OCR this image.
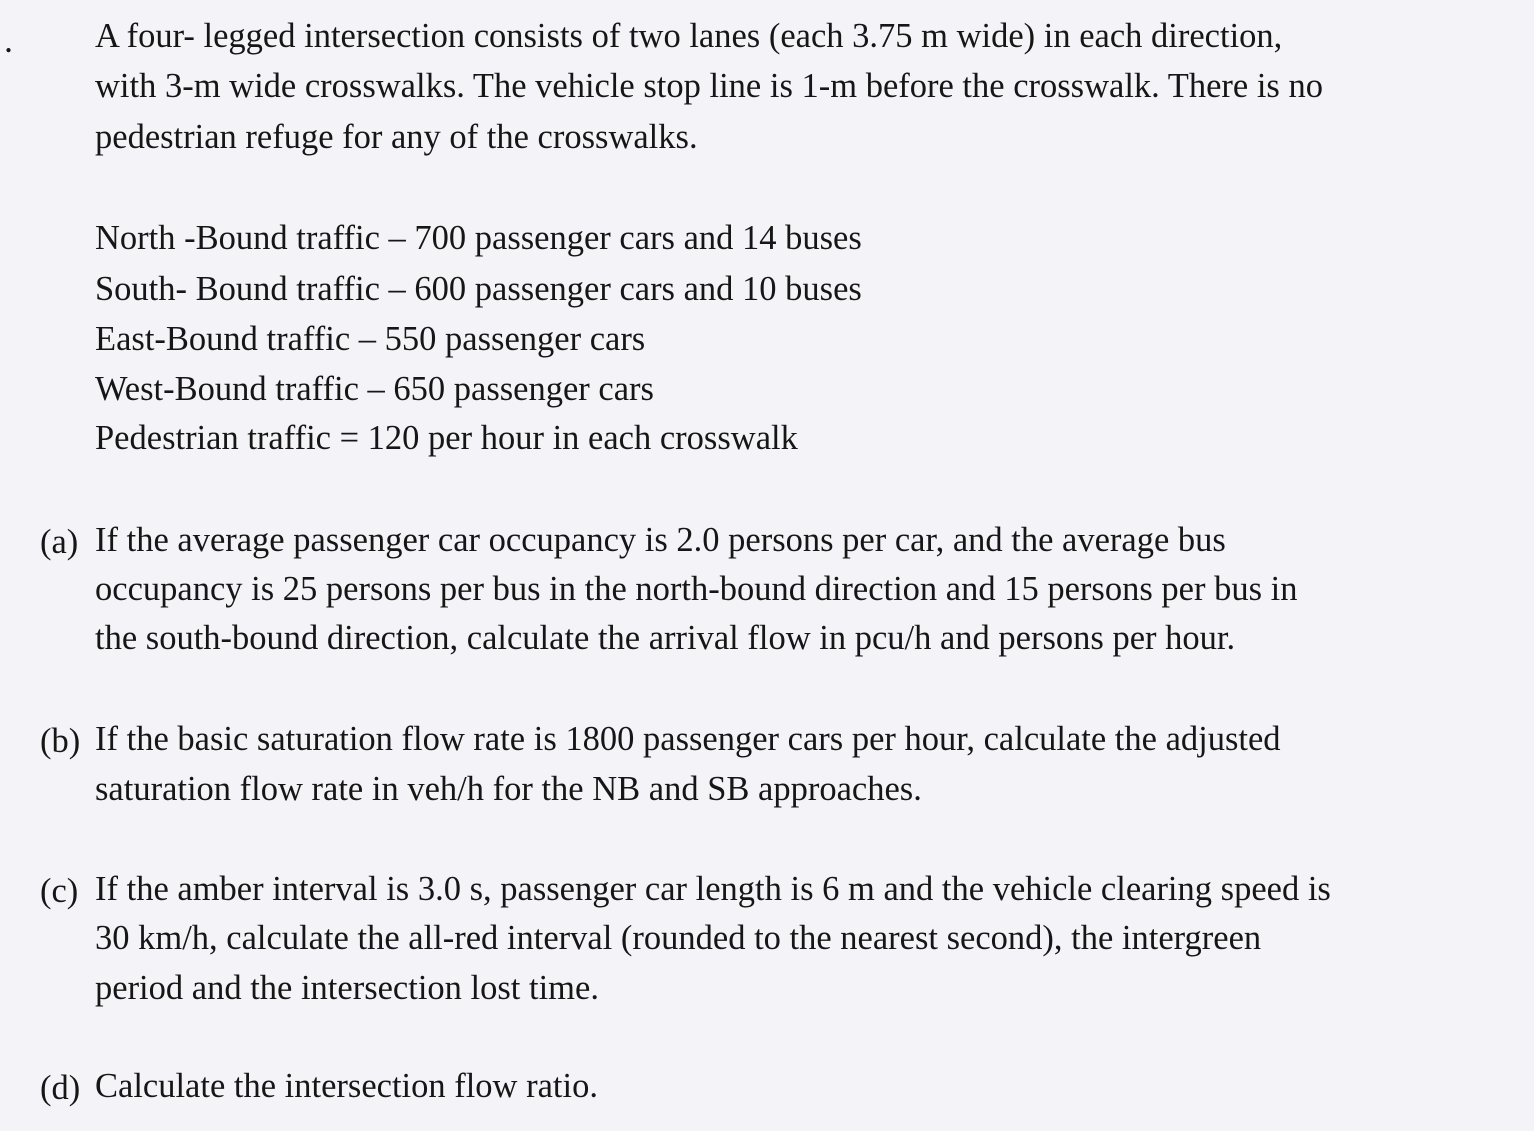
. A four- legged intersection consists of two lanes (each 3.75 m wide) in each direction,
with 3-m wide crosswalks. The vehicle stop line is 1-m before the crosswalk. There is no
pedestrian refuge for any of the crosswalks.
North -Bound traffic – 700 passenger cars and 14 buses
South- Bound traffic – 600 passenger cars and 10 buses
East-Bound traffic – 550 passenger cars
West-Bound traffic – 650 passenger cars
Pedestrian traffic = 120 per hour in each crosswalk
(a) If the average passenger car occupancy is 2.0 persons per car, and the average bus
occupancy is 25 persons per bus in the north-bound direction and 15 persons per bus in
the south-bound direction, calculate the arrival flow in pcu/h and persons per hour.
(b) If the basic saturation flow rate is 1800 passenger cars per hour, calculate the adjusted
saturation flow rate in veh/h for the NB and SB approaches.
(c) If the amber interval is 3.0 s, passenger car length is 6 m and the vehicle clearing speed is
30 km/h, calculate the all-red interval (rounded to the nearest second), the intergreen
period and the intersection lost time.
(d) Calculate the intersection flow ratio.
